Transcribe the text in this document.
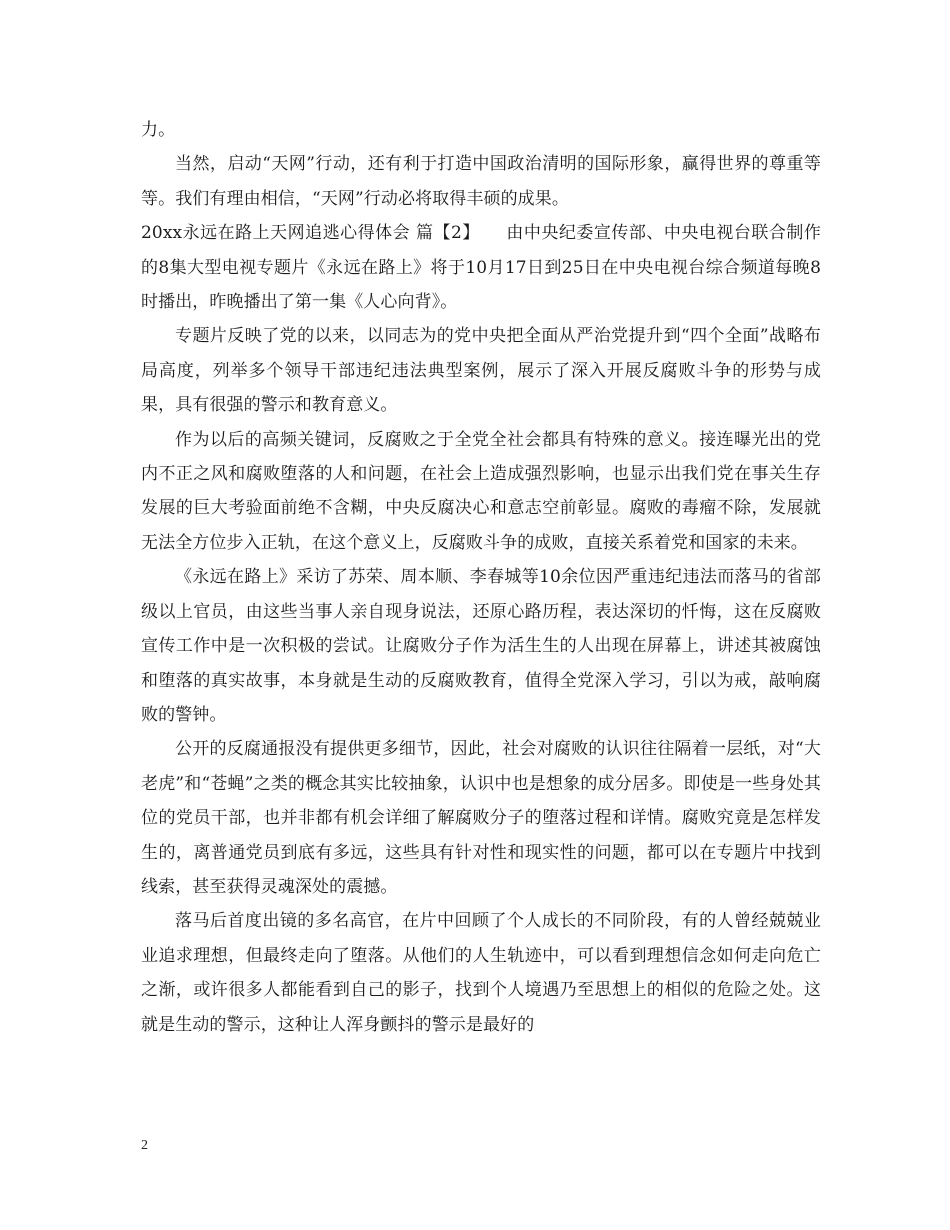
力。

当然，启动“天网”行动，还有利于打造中国政治清明的国际形象，赢得世界的尊重等等。我们有理由相信，“天网”行动必将取得丰硕的成果。

20xx永远在路上天网追逃心得体会 篇【2】　　由中央纪委宣传部、中央电视台联合制作的8集大型电视专题片《永远在路上》将于10月17日到25日在中央电视台综合频道每晚8时播出，昨晚播出了第一集《人心向背》。

专题片反映了党的以来，以同志为的党中央把全面从严治党提升到“四个全面”战略布局高度，列举多个领导干部违纪违法典型案例，展示了深入开展反腐败斗争的形势与成果，具有很强的警示和教育意义。

作为以后的高频关键词，反腐败之于全党全社会都具有特殊的意义。接连曝光出的党内不正之风和腐败堕落的人和问题，在社会上造成强烈影响，也显示出我们党在事关生存发展的巨大考验面前绝不含糊，中央反腐决心和意志空前彰显。腐败的毒瘤不除，发展就无法全方位步入正轨，在这个意义上，反腐败斗争的成败，直接关系着党和国家的未来。

《永远在路上》采访了苏荣、周本顺、李春城等10余位因严重违纪违法而落马的省部级以上官员，由这些当事人亲自现身说法，还原心路历程，表达深切的忏悔，这在反腐败宣传工作中是一次积极的尝试。让腐败分子作为活生生的人出现在屏幕上，讲述其被腐蚀和堕落的真实故事，本身就是生动的反腐败教育，值得全党深入学习，引以为戒，敲响腐败的警钟。

公开的反腐通报没有提供更多细节，因此，社会对腐败的认识往往隔着一层纸，对“大老虎”和“苍蝇”之类的概念其实比较抽象，认识中也是想象的成分居多。即使是一些身处其位的党员干部，也并非都有机会详细了解腐败分子的堕落过程和详情。腐败究竟是怎样发生的，离普通党员到底有多远，这些具有针对性和现实性的问题，都可以在专题片中找到线索，甚至获得灵魂深处的震撼。

落马后首度出镜的多名高官，在片中回顾了个人成长的不同阶段，有的人曾经兢兢业业追求理想，但最终走向了堕落。从他们的人生轨迹中，可以看到理想信念如何走向危亡之渐，或许很多人都能看到自己的影子，找到个人境遇乃至思想上的相似的危险之处。这就是生动的警示，这种让人浑身颤抖的警示是最好的

2
